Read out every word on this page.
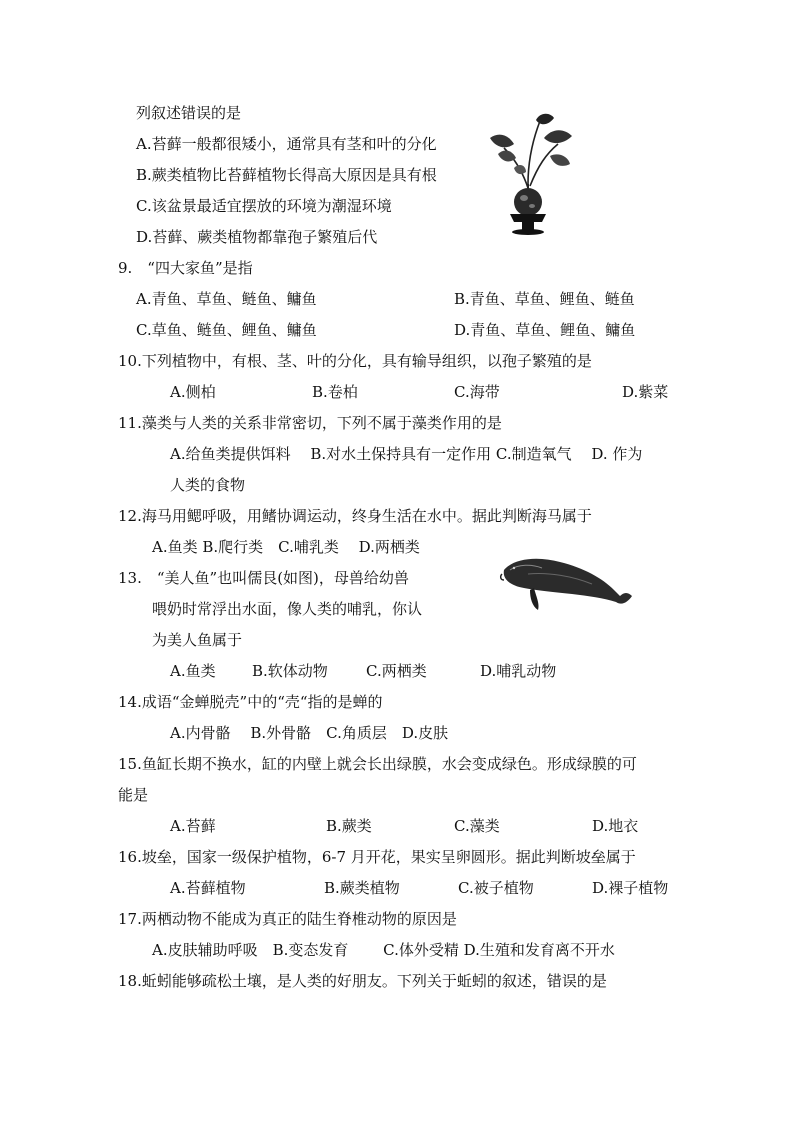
列叙述错误的是
A.苔藓一般都很矮小，通常具有茎和叶的分化
B.蕨类植物比苔藓植物长得高大原因是具有根
C.该盆景最适宜摆放的环境为潮湿环境
D.苔藓、蕨类植物都靠孢子繁殖后代
9.　“四大家鱼”是指
A.青鱼、草鱼、鲢鱼、鳙鱼	B.青鱼、草鱼、鲤鱼、鲢鱼
C.草鱼、鲢鱼、鲤鱼、鳙鱼	D.青鱼、草鱼、鲤鱼、鳙鱼
10.下列植物中，有根、茎、叶的分化，具有输导组织，以孢子繁殖的是
A.侧柏	B.卷柏	C.海带	D.紫菜
11.藻类与人类的关系非常密切，下列不属于藻类作用的是
A.给鱼类提供饵料　 B.对水土保持具有一定作用 C.制造氧气　 D. 作为
人类的食物
12.海马用鳃呼吸，用鳍协调运动，终身生活在水中。据此判断海马属于
A.鱼类 B.爬行类　C.哺乳类　 D.两栖类
13.　“美人鱼”也叫儒艮(如图)，母兽给幼兽
喂奶时常浮出水面，像人类的哺乳，你认
为美人鱼属于
A.鱼类 B.软体动物	C.两栖类	D.哺乳动物
14.成语“金蝉脱壳”中的“壳“指的是蝉的
A.内骨骼　 B.外骨骼　C.角质层　D.皮肤
15.鱼缸长期不换水，缸的内壁上就会长出绿膜，水会变成绿色。形成绿膜的可
能是
A.苔藓	B.蕨类	C.藻类	D.地衣
16.坡垒，国家一级保护植物，6-7 月开花，果实呈卵圆形。据此判断坡垒属于
A.苔藓植物	B.蕨类植物	C.被子植物	D.裸子植物
17.两栖动物不能成为真正的陆生脊椎动物的原因是
A.皮肤辅助呼吸　B.变态发育　　 C.体外受精 D.生殖和发育离不开水
18.蚯蚓能够疏松土壤，是人类的好朋友。下列关于蚯蚓的叙述，错误的是
